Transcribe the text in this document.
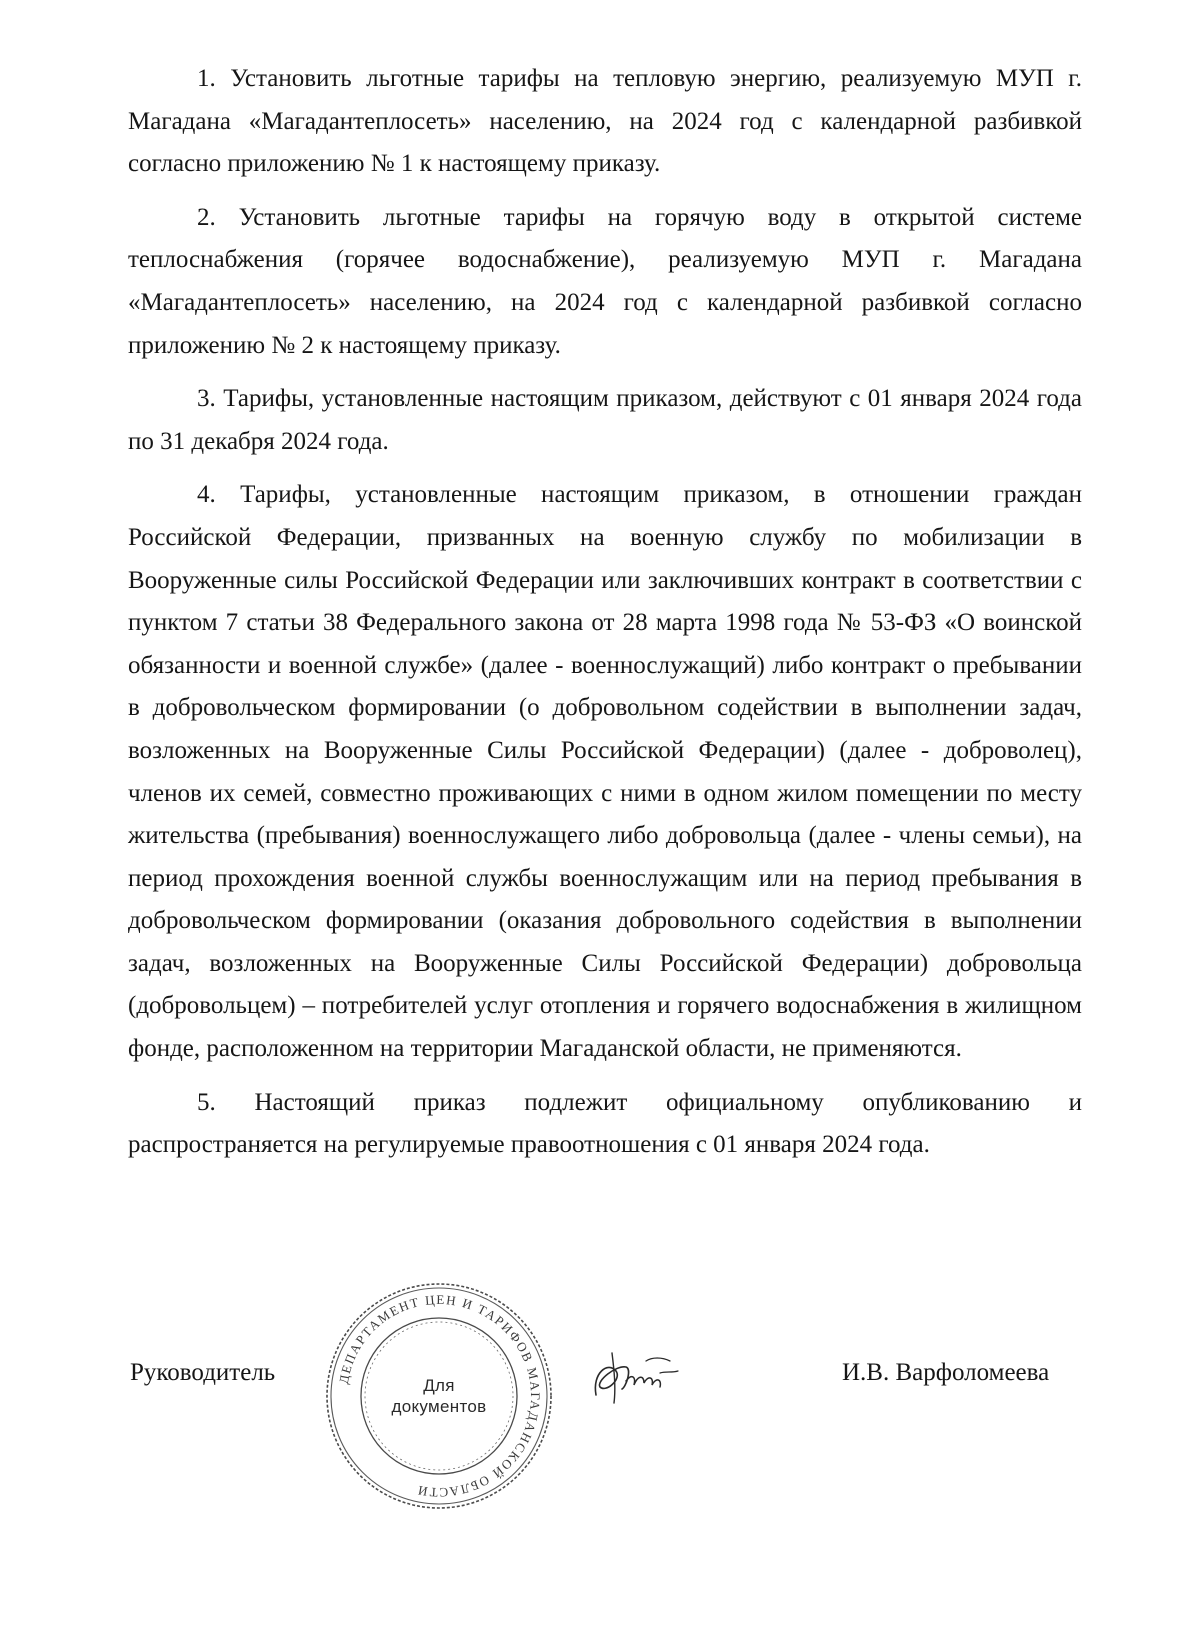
1. Установить льготные тарифы на тепловую энергию, реализуемую МУП г. Магадана «Магадантеплосеть» населению, на 2024 год с календарной разбивкой согласно приложению № 1 к настоящему приказу.

2. Установить льготные тарифы на горячую воду в открытой системе теплоснабжения (горячее водоснабжение), реализуемую МУП г. Магадана «Магадантеплосеть» населению, на 2024 год с календарной разбивкой согласно приложению № 2 к настоящему приказу.

3. Тарифы, установленные настоящим приказом, действуют с 01 января 2024 года по 31 декабря 2024 года.

4. Тарифы, установленные настоящим приказом, в отношении граждан Российской Федерации, призванных на военную службу по мобилизации в Вооруженные силы Российской Федерации или заключивших контракт в соответствии с пунктом 7 статьи 38 Федерального закона от 28 марта 1998 года № 53-ФЗ «О воинской обязанности и военной службе» (далее - военнослужащий) либо контракт о пребывании в добровольческом формировании (о добровольном содействии в выполнении задач, возложенных на Вооруженные Силы Российской Федерации) (далее - доброволец), членов их семей, совместно проживающих с ними в одном жилом помещении по месту жительства (пребывания) военнослужащего либо добровольца (далее - члены семьи), на период прохождения военной службы военнослужащим или на период пребывания в добровольческом формировании (оказания добровольного содействия в выполнении задач, возложенных на Вооруженные Силы Российской Федерации) добровольца (добровольцем) – потребителей услуг отопления и горячего водоснабжения в жилищном фонде, расположенном на территории Магаданской области, не применяются.

5. Настоящий приказ подлежит официальному опубликованию и распространяется на регулируемые правоотношения с 01 января 2024 года.

Руководитель	ДЕПАРТАМЕНТ ЦЕН И ТАРИФОВ МАГАДАНСКОЙ ОБЛАСТИ
Для
документов
И.В. Варфоломеева
